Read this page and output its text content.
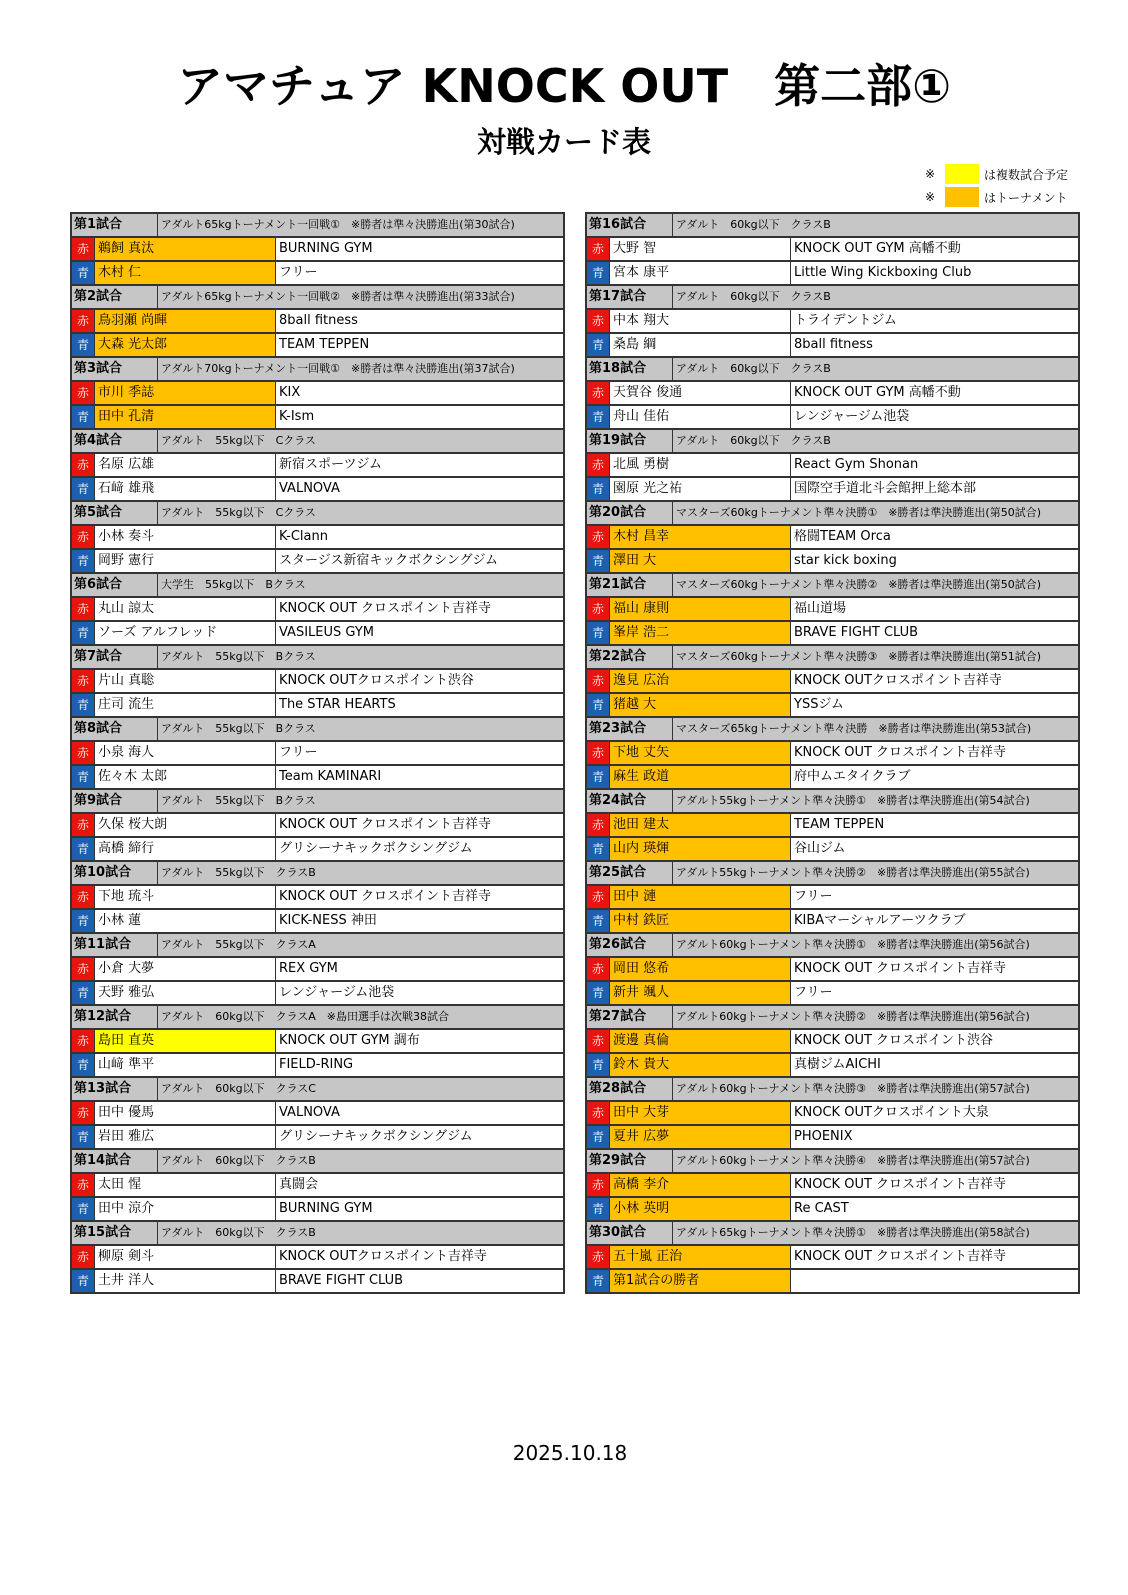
アマチュア KNOCK OUT　第二部①
対戦カード表
※	は複数試合予定
※	はトーナメント
第1試合	アダルト65kgトーナメント一回戦①　※勝者は準々決勝進出(第30試合)
赤 鵜飼 真汰	BURNING GYM
青 木村 仁	フリー
第2試合	アダルト65kgトーナメント一回戦②　※勝者は準々決勝進出(第33試合)
赤 鳥羽瀬 尚暉	8ball fitness
青 大森 光太郎	TEAM TEPPEN
第3試合	アダルト70kgトーナメント一回戦①　※勝者は準々決勝進出(第37試合)
赤 市川 季誌	KIX
青 田中 孔清	K-Ism
第4試合	アダルト　55kg以下　Cクラス
赤 名原 広雄	新宿スポーツジム
青 石﨑 雄飛	VALNOVA
第5試合	アダルト　55kg以下　Cクラス
赤 小林 奏斗	K-Clann
青 岡野 憲行	スタージス新宿キックボクシングジム
第6試合	大学生　55kg以下　Bクラス
赤 丸山 諒太	KNOCK OUT クロスポイント吉祥寺
青 ソーズ アルフレッド	VASILEUS GYM
第7試合	アダルト　55kg以下　Bクラス
赤 片山 真聡	KNOCK OUTクロスポイント渋谷
青 庄司 流生	The STAR HEARTS
第8試合	アダルト　55kg以下　Bクラス
赤 小泉 海人	フリー
青 佐々木 太郎	Team KAMINARI
第9試合	アダルト　55kg以下　Bクラス
赤 久保 桜大朗	KNOCK OUT クロスポイント吉祥寺
青 高橋 締行	グリシーナキックボクシングジム
第10試合	アダルト　55kg以下　クラスB
赤 下地 琉斗	KNOCK OUT クロスポイント吉祥寺
青 小林 蓮	KICK-NESS 神田
第11試合	アダルト　55kg以下　クラスA
赤 小倉 大夢	REX GYM
青 天野 雅弘	レンジャージム池袋
第12試合	アダルト　60kg以下　クラスA　※島田選手は次戦38試合
赤 島田 直英	KNOCK OUT GYM 調布
青 山﨑 準平	FIELD-RING
第13試合	アダルト　60kg以下　クラスC
赤 田中 優馬	VALNOVA
青 岩田 雅広	グリシーナキックボクシングジム
第14試合	アダルト　60kg以下　クラスB
赤 太田 惺	真闘会
青 田中 涼介	BURNING GYM
第15試合	アダルト　60kg以下　クラスB
赤 柳原 剣斗	KNOCK OUTクロスポイント吉祥寺
青 土井 洋人	BRAVE FIGHT CLUB
第16試合	アダルト　60kg以下　クラスB
赤 大野 智	KNOCK OUT GYM 高幡不動
青 宮本 康平	Little Wing Kickboxing Club
第17試合	アダルト　60kg以下　クラスB
赤 中本 翔大	トライデントジム
青 桑島 綱	8ball fitness
第18試合	アダルト　60kg以下　クラスB
赤 天賀谷 俊通	KNOCK OUT GYM 高幡不動
青 舟山 佳佑	レンジャージム池袋
第19試合	アダルト　60kg以下　クラスB
赤 北風 勇樹	React Gym Shonan
青 園原 光之祐	国際空手道北斗会館押上総本部
第20試合	マスターズ60kgトーナメント準々決勝①　※勝者は準決勝進出(第50試合)
赤 木村 昌幸	格闘TEAM Orca
青 澤田 大	star kick boxing
第21試合	マスターズ60kgトーナメント準々決勝②　※勝者は準決勝進出(第50試合)
赤 福山 康則	福山道場
青 峯岸 浩二	BRAVE FIGHT CLUB
第22試合	マスターズ60kgトーナメント準々決勝③　※勝者は準決勝進出(第51試合)
赤 逸見 広治	KNOCK OUTクロスポイント吉祥寺
青 猪越 大	YSSジム
第23試合	マスターズ65kgトーナメント準々決勝　※勝者は準決勝進出(第53試合)
赤 下地 丈矢	KNOCK OUT クロスポイント吉祥寺
青 麻生 政道	府中ムエタイクラブ
第24試合	アダルト55kgトーナメント準々決勝①　※勝者は準決勝進出(第54試合)
赤 池田 建太	TEAM TEPPEN
青 山内 瑛煇	谷山ジム
第25試合	アダルト55kgトーナメント準々決勝②　※勝者は準決勝進出(第55試合)
赤 田中 漣	フリー
青 中村 鉄匠	KIBAマーシャルアーツクラブ
第26試合	アダルト60kgトーナメント準々決勝①　※勝者は準決勝進出(第56試合)
赤 岡田 悠希	KNOCK OUT クロスポイント吉祥寺
青 新井 颯人	フリー
第27試合	アダルト60kgトーナメント準々決勝②　※勝者は準決勝進出(第56試合)
赤 渡邊 真倫	KNOCK OUT クロスポイント渋谷
青 鈴木 貴大	真樹ジムAICHI
第28試合	アダルト60kgトーナメント準々決勝③　※勝者は準決勝進出(第57試合)
赤 田中 大芽	KNOCK OUTクロスポイント大泉
青 夏井 広夢	PHOENIX
第29試合	アダルト60kgトーナメント準々決勝④　※勝者は準決勝進出(第57試合)
赤 高橋 李介	KNOCK OUT クロスポイント吉祥寺
青 小林 英明	Re CAST
第30試合	アダルト65kgトーナメント準々決勝①　※勝者は準決勝進出(第58試合)
赤 五十嵐 正治	KNOCK OUT クロスポイント吉祥寺
青 第1試合の勝者
2025.10.18
